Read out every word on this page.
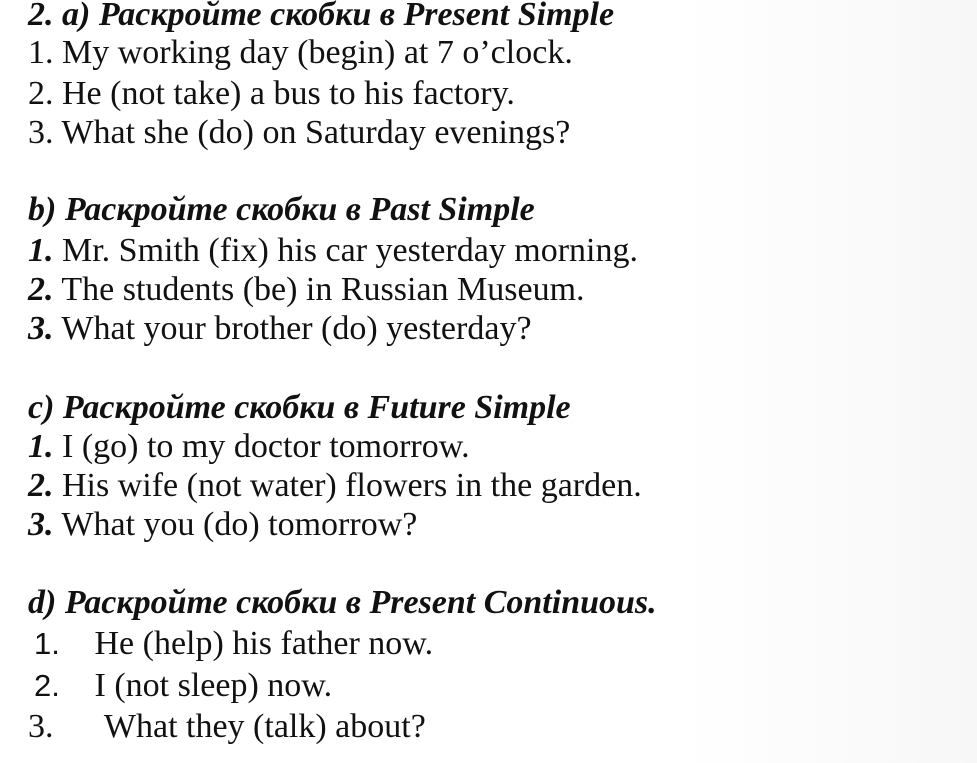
2. a) Раскройте скобки в Present Simple
1. My working day (begin) at 7 o’clock.
2. He (not take) a bus to his factory.
3. What she (do) on Saturday evenings?
b) Раскройте скобки в Past Simple
1. Mr. Smith (fix) his car yesterday morning.
2. The students (be) in Russian Museum.
3. What your brother (do) yesterday?
c) Раскройте скобки в Future Simple
1. I (go) to my doctor tomorrow.
2. His wife (not water) flowers in the garden.
3. What you (do) tomorrow?
d) Раскройте скобки в Present Continuous.
1. He (help) his father now.
2. I (not sleep) now.
3. What they (talk) about?
